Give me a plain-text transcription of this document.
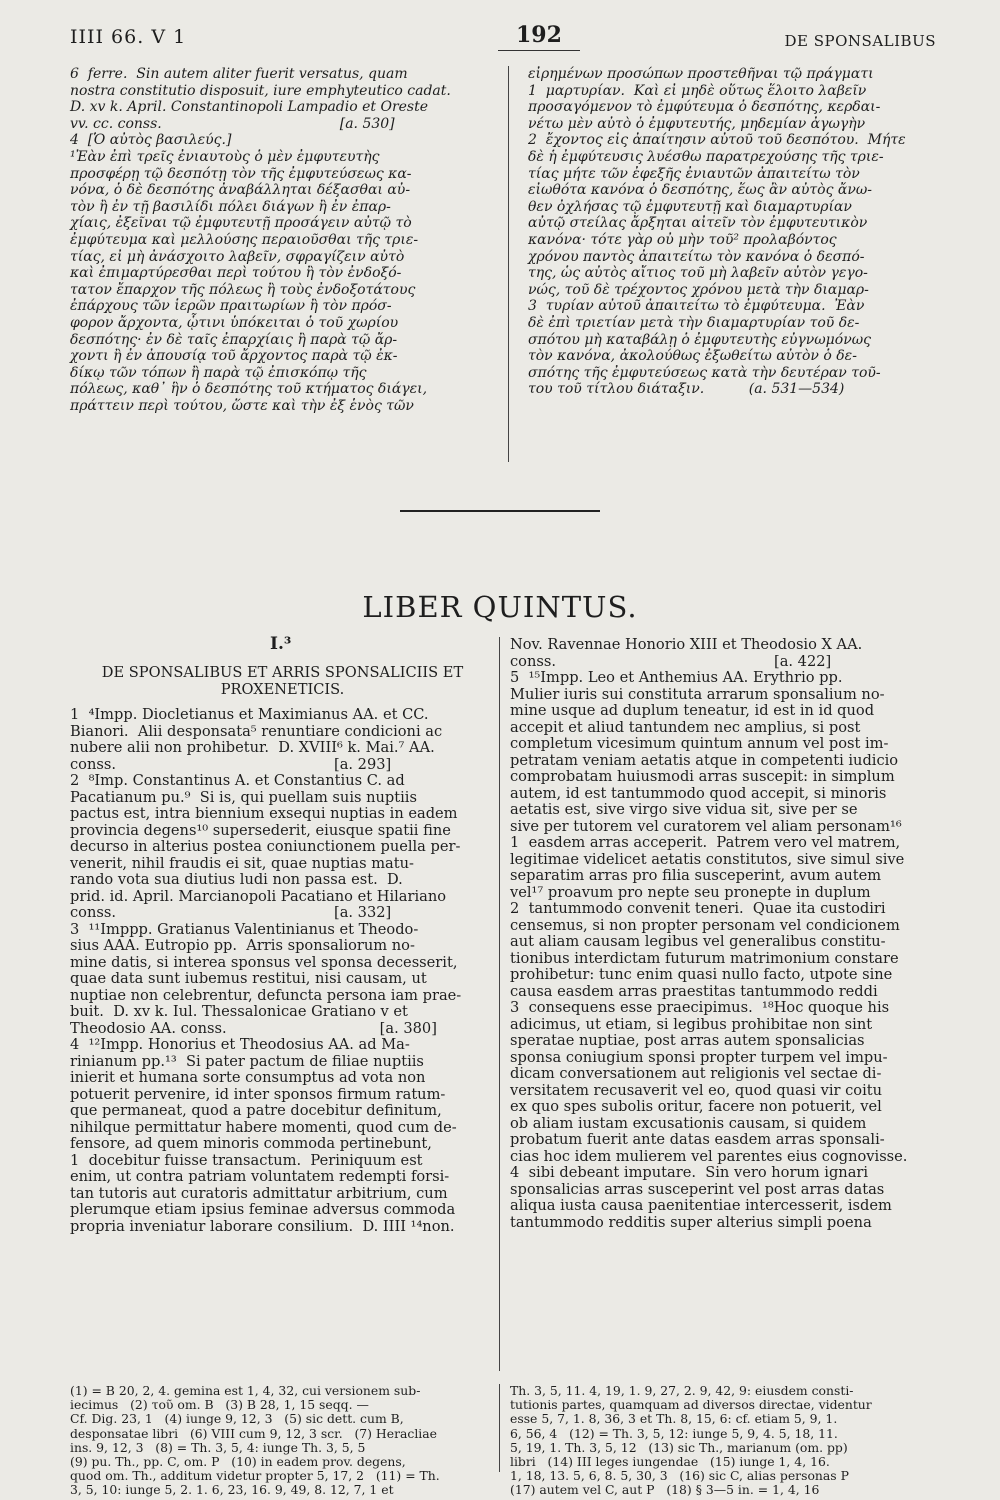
IIII 66. V 1	192	DE SPONSALIBUS
6  ferre.  Sin autem aliter fuerit versatus, quam
nostra constitutio disposuit, iure emphyteutico cadat.
D. xv k. April. Constantinopoli Lampadio et Oreste
vv. cc. conss.                                        [a. 530]
4  [Ὁ αὐτὸς βασιλεύς.]
¹Ἐὰν ἐπὶ τρεῖς ἐνιαυτοὺς ὁ μὲν ἐμφυτευτὴς
προσφέρῃ τῷ δεσπότῃ τὸν τῆς ἐμφυτεύσεως κα-
νόνα, ὁ δὲ δεσπότης ἀναβάλληται δέξασθαι αὐ-
τὸν ἢ ἐν τῇ βασιλίδι πόλει διάγων ἢ ἐν ἐπαρ-
χίαις, ἐξεῖναι τῷ ἐμφυτευτῇ προσάγειν αὐτῷ τὸ
ἐμφύτευμα καὶ μελλούσης περαιοῦσθαι τῆς τριε-
τίας, εἰ μὴ ἀνάσχοιτο λαβεῖν, σφραγίζειν αὐτὸ
καὶ ἐπιμαρτύρεσθαι περὶ τούτου ἢ τὸν ἐνδοξό-
τατον ἔπαρχον τῆς πόλεως ἢ τοὺς ἐνδοξοτάτους
ἐπάρχους τῶν ἱερῶν πραιτωρίων ἢ τὸν πρόσ-
φορον ἄρχοντα, ᾧτινι ὑπόκειται ὁ τοῦ χωρίου
δεσπότης· ἐν δὲ ταῖς ἐπαρχίαις ἢ παρὰ τῷ ἄρ-
χοντι ἢ ἐν ἀπουσίᾳ τοῦ ἄρχοντος παρὰ τῷ ἐκ-
δίκῳ τῶν τόπων ἢ παρὰ τῷ ἐπισκόπῳ τῆς
πόλεως, καθ᾽ ἣν ὁ δεσπότης τοῦ κτήματος διάγει,
πράττειν περὶ τούτου, ὥστε καὶ τὴν ἐξ ἑνὸς τῶν
εἰρημένων προσώπων προστεθῆναι τῷ πράγματι
1  μαρτυρίαν.  Καὶ εἰ μηδὲ οὕτως ἕλοιτο λαβεῖν
προσαγόμενον τὸ ἐμφύτευμα ὁ δεσπότης, κερδαι-
νέτω μὲν αὐτὸ ὁ ἐμφυτευτής, μηδεμίαν ἀγωγὴν
2  ἔχοντος εἰς ἀπαίτησιν αὐτοῦ τοῦ δεσπότου.  Μήτε
δὲ ἡ ἐμφύτευσις λυέσθω παρατρεχούσης τῆς τριε-
τίας μήτε τῶν ἐφεξῆς ἐνιαυτῶν ἀπαιτείτω τὸν
εἰωθότα κανόνα ὁ δεσπότης, ἕως ἂν αὐτὸς ἄνω-
θεν ὀχλήσας τῷ ἐμφυτευτῇ καὶ διαμαρτυρίαν
αὐτῷ στείλας ἄρξηται αἰτεῖν τὸν ἐμφυτευτικὸν
κανόνα· τότε γὰρ οὐ μὴν τοῦ² προλαβόντος
χρόνου παντὸς ἀπαιτείτω τὸν κανόνα ὁ δεσπό-
της, ὡς αὐτὸς αἴτιος τοῦ μὴ λαβεῖν αὐτὸν γεγο-
νώς, τοῦ δὲ τρέχοντος χρόνου μετὰ τὴν διαμαρ-
3  τυρίαν αὐτοῦ ἀπαιτείτω τὸ ἐμφύτευμα.  Ἐὰν
δὲ ἐπὶ τριετίαν μετὰ τὴν διαμαρτυρίαν τοῦ δε-
σπότου μὴ καταβάλῃ ὁ ἐμφυτευτὴς εὐγνωμόνως
τὸν κανόνα, ἀκολούθως ἐξωθείτω αὐτὸν ὁ δε-
σπότης τῆς ἐμφυτεύσεως κατὰ τὴν δευτέραν τοῦ-
του τοῦ τίτλου διάταξιν.          (a. 531—534)
LIBER QUINTUS.
I.³
DE SPONSALIBUS ET ARRIS SPONSALICIIS ET
PROXENETICIS.
1  ⁴Impp. Diocletianus et Maximianus AA. et CC.
Bianori.  Alii desponsata⁵ renuntiare condicioni ac
nubere alii non prohibetur.  D. XVIII⁶ k. Mai.⁷ AA.
conss.                                               [a. 293]
2  ⁸Imp. Constantinus A. et Constantius C. ad
Pacatianum pu.⁹  Si is, qui puellam suis nuptiis
pactus est, intra biennium exsequi nuptias in eadem
provincia degens¹⁰ supersederit, eiusque spatii fine
decurso in alterius postea coniunctionem puella per-
venerit, nihil fraudis ei sit, quae nuptias matu-
rando vota sua diutius ludi non passa est.  D.
prid. id. April. Marcianopoli Pacatiano et Hilariano
conss.                                               [a. 332]
3  ¹¹Imppp. Gratianus Valentinianus et Theodo-
sius AAA. Eutropio pp.  Arris sponsaliorum no-
mine datis, si interea sponsus vel sponsa decesserit,
quae data sunt iubemus restitui, nisi causam, ut
nuptiae non celebrentur, defuncta persona iam prae-
buit.  D. xv k. Iul. Thessalonicae Gratiano v et
Theodosio AA. conss.                                 [a. 380]
4  ¹²Impp. Honorius et Theodosius AA. ad Ma-
rinianum pp.¹³  Si pater pactum de filiae nuptiis
inierit et humana sorte consumptus ad vota non
potuerit pervenire, id inter sponsos firmum ratum-
que permaneat, quod a patre docebitur definitum,
nihilque permittatur habere momenti, quod cum de-
fensore, ad quem minoris commoda pertinebunt,
1  docebitur fuisse transactum.  Periniquum est
enim, ut contra patriam voluntatem redempti forsi-
tan tutoris aut curatoris admittatur arbitrium, cum
plerumque etiam ipsius feminae adversus commoda
propria inveniatur laborare consilium.  D. IIII ¹⁴non.
Nov. Ravennae Honorio XIII et Theodosio X AA.
conss.                                               [a. 422]
5  ¹⁵Impp. Leo et Anthemius AA. Erythrio pp.
Mulier iuris sui constituta arrarum sponsalium no-
mine usque ad duplum teneatur, id est in id quod
accepit et aliud tantundem nec amplius, si post
completum vicesimum quintum annum vel post im-
petratam veniam aetatis atque in competenti iudicio
comprobatam huiusmodi arras suscepit: in simplum
autem, id est tantummodo quod accepit, si minoris
aetatis est, sive virgo sive vidua sit, sive per se
sive per tutorem vel curatorem vel aliam personam¹⁶
1  easdem arras acceperit.  Patrem vero vel matrem,
legitimae videlicet aetatis constitutos, sive simul sive
separatim arras pro filia susceperint, avum autem
vel¹⁷ proavum pro nepte seu pronepte in duplum
2  tantummodo convenit teneri.  Quae ita custodiri
censemus, si non propter personam vel condicionem
aut aliam causam legibus vel generalibus constitu-
tionibus interdictam futurum matrimonium constare
prohibetur: tunc enim quasi nullo facto, utpote sine
causa easdem arras praestitas tantummodo reddi
3  consequens esse praecipimus.  ¹⁸Hoc quoque his
adicimus, ut etiam, si legibus prohibitae non sint
speratae nuptiae, post arras autem sponsalicias
sponsa coniugium sponsi propter turpem vel impu-
dicam conversationem aut religionis vel sectae di-
versitatem recusaverit vel eo, quod quasi vir coitu
ex quo spes subolis oritur, facere non potuerit, vel
ob aliam iustam excusationis causam, si quidem
probatum fuerit ante datas easdem arras sponsali-
cias hoc idem mulierem vel parentes eius cognovisse.
4  sibi debeant imputare.  Sin vero horum ignari
sponsalicias arras susceperint vel post arras datas
aliqua iusta causa paenitentiae intercesserit, isdem
tantummodo redditis super alterius simpli poena
(1) = B 20, 2, 4. gemina est 1, 4, 32, cui versionem sub-
iecimus   (2) τοῦ om. B   (3) B 28, 1, 15 seqq. —
Cf. Dig. 23, 1   (4) iunge 9, 12, 3   (5) sic dett. cum B,
desponsatae libri   (6) VIII cum 9, 12, 3 scr.   (7) Heracliae
ins. 9, 12, 3   (8) = Th. 3, 5, 4: iunge Th. 3, 5, 5
(9) pu. Th., pp. C, om. P   (10) in eadem prov. degens,
quod om. Th., additum videtur propter 5, 17, 2   (11) = Th.
3, 5, 10: iunge 5, 2. 1. 6, 23, 16. 9, 49, 8. 12, 7, 1 et
Th. 3, 5, 11. 4, 19, 1. 9, 27, 2. 9, 42, 9: eiusdem consti-
tutionis partes, quamquam ad diversos directae, videntur
esse 5, 7, 1. 8, 36, 3 et Th. 8, 15, 6: cf. etiam 5, 9, 1.
6, 56, 4   (12) = Th. 3, 5, 12: iunge 5, 9, 4. 5, 18, 11.
5, 19, 1. Th. 3, 5, 12   (13) sic Th., marianum (om. pp)
libri   (14) III leges iungendae   (15) iunge 1, 4, 16.
1, 18, 13. 5, 6, 8. 5, 30, 3   (16) sic C, alias personas P
(17) autem vel C, aut P   (18) § 3—5 in. = 1, 4, 16
